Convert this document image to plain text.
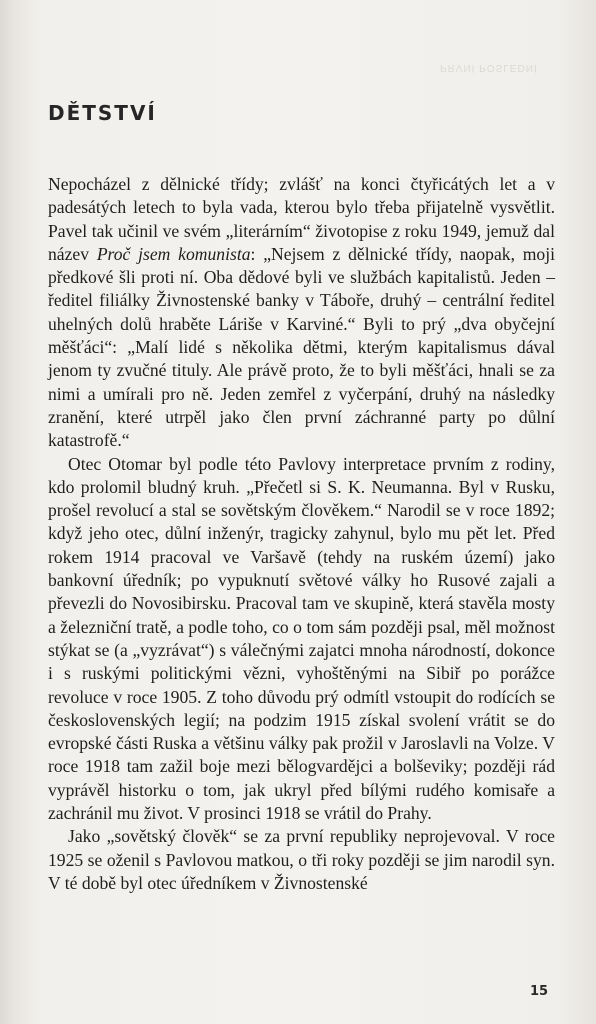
PRVNÍ POSLEDNÍ
DĚTSTVÍ

Nepocházel z dělnické třídy; zvlášť na konci čtyřicátých let a v padesátých letech to byla vada, kterou bylo třeba přijatelně vysvětlit. Pavel tak učinil ve svém „literárním“ životopise z roku 1949, jemuž dal název Proč jsem komunista: „Nejsem z dělnické třídy, naopak, moji předkové šli proti ní. Oba dědové byli ve službách kapitalistů. Jeden – ředitel filiálky Živnostenské banky v Táboře, druhý – centrální ředitel uhelných dolů hraběte Lárišе v Karviné.“ Byli to prý „dva obyčejní měšťáci“: „Malí lidé s několika dětmi, kterým kapitalismus dával jenom ty zvučné tituly. Ale právě proto, že to byli měšťáci, hnali se za nimi a umírali pro ně. Jeden zemřel z vyčerpání, druhý na následky zranění, které utrpěl jako člen první záchranné party po důlní katastrofě.“

Otec Otomar byl podle této Pavlovy interpretace prvním z rodiny, kdo prolomil bludný kruh. „Přečetl si S. K. Neumanna. Byl v Rusku, prošel revolucí a stal se sovětským člověkem.“ Narodil se v roce 1892; když jeho otec, důlní inženýr, tragicky zahynul, bylo mu pět let. Před rokem 1914 pracoval ve Varšavě (tehdy na ruském území) jako bankovní úředník; po vypuknutí světové války ho Rusové zajali a převezli do Novosibirsku. Pracoval tam ve skupině, která stavěla mosty a železniční tratě, a podle toho, co o tom sám později psal, měl možnost stýkat se (a „vyzrávat“) s válečnými zajatci mnoha národností, dokonce i s ruskými politickými vězni, vyhoštěnými na Sibiř po porážce revoluce v roce 1905. Z toho důvodu prý odmítl vstoupit do rodících se československých legií; na podzim 1915 získal svolení vrátit se do evropské části Ruska a většinu války pak prožil v Jaroslavli na Volze. V roce 1918 tam zažil boje mezi bělogvardějci a bolševiky; později rád vyprávěl historku o tom, jak ukryl před bílými rudého komisaře a zachránil mu život. V prosinci 1918 se vrátil do Prahy.

Jako „sovětský člověk“ se za první republiky neprojevoval. V roce 1925 se oženil s Pavlovou matkou, o tři roky později se jim narodil syn. V té době byl otec úředníkem v Živnostenské

15
